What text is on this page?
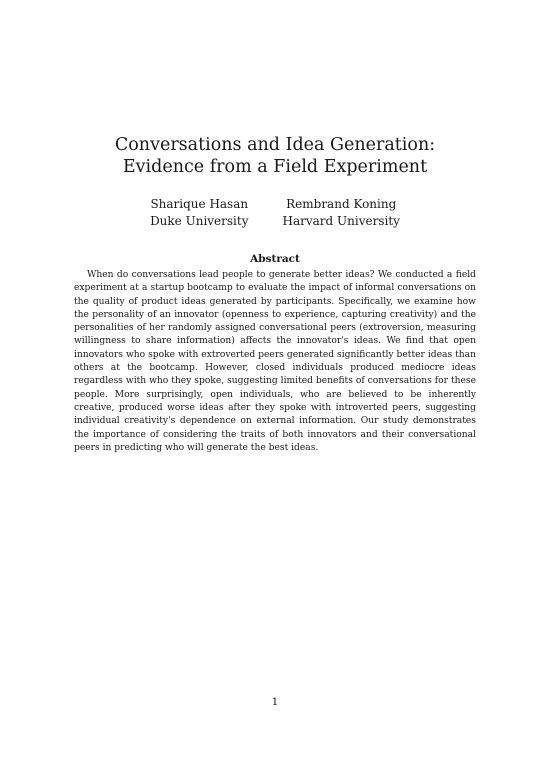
Conversations and Idea Generation:
Evidence from a Field Experiment
Sharique Hasan
Duke University
Rembrand Koning
Harvard University
Abstract

When do conversations lead people to generate better ideas? We conducted a field experiment at a startup bootcamp to evaluate the impact of informal conversations on the quality of product ideas generated by participants. Specifically, we examine how the personality of an innovator (openness to experience, capturing creativity) and the personalities of her randomly assigned conversational peers (extroversion, measuring willingness to share information) affects the innovator's ideas. We find that open innovators who spoke with extroverted peers generated significantly better ideas than others at the bootcamp. However, closed individuals produced mediocre ideas regardless with who they spoke, suggesting limited benefits of conversations for these people. More surprisingly, open individuals, who are believed to be inherently creative, produced worse ideas after they spoke with introverted peers, suggesting individual creativity's dependence on external information. Our study demonstrates the importance of considering the traits of both innovators and their conversational peers in predicting who will generate the best ideas.

1
